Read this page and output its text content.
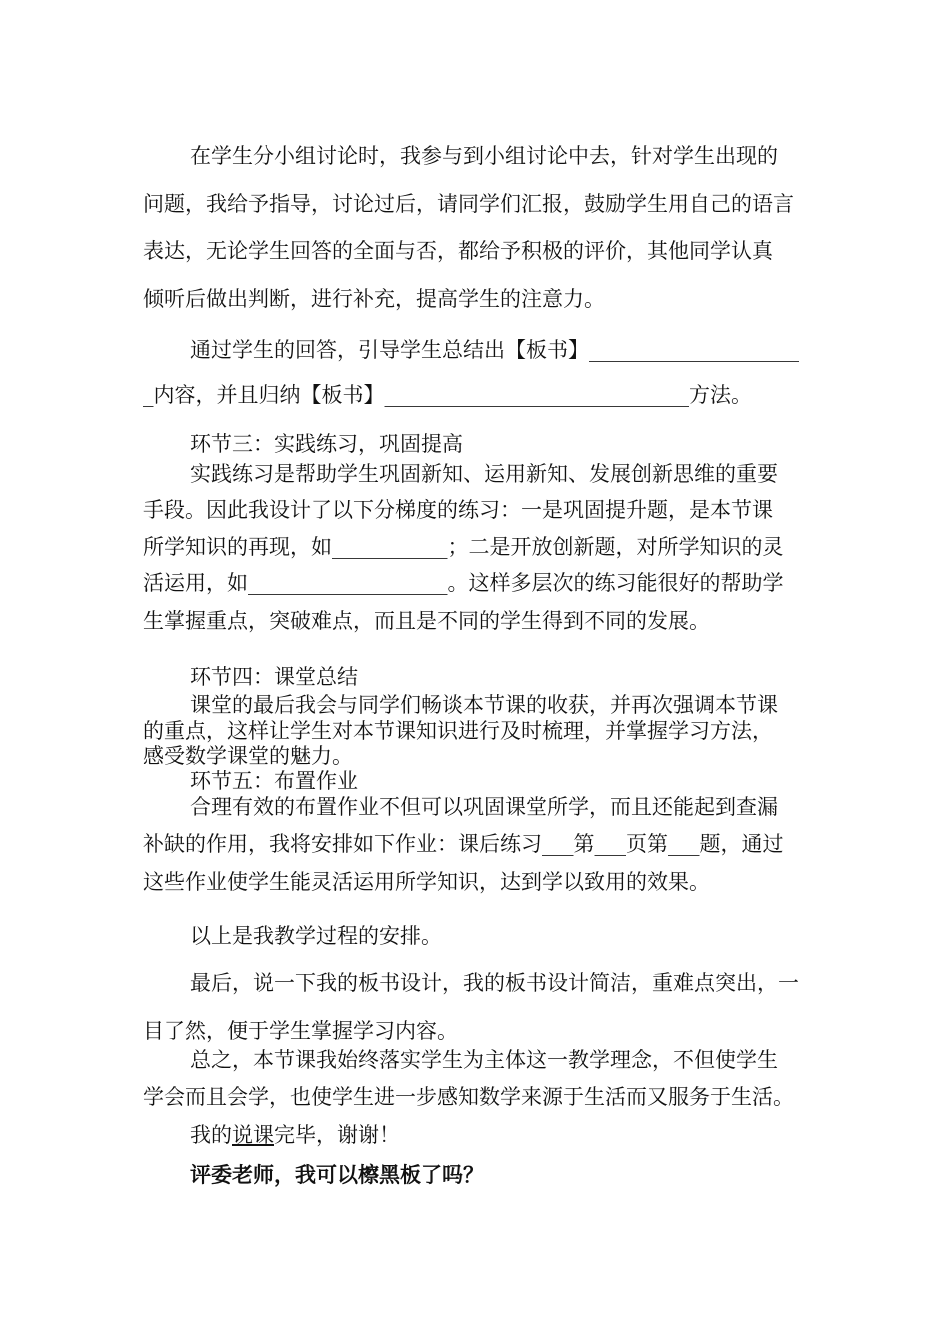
在学生分小组讨论时，我参与到小组讨论中去，针对学生出现的
问题，我给予指导，讨论过后，请同学们汇报，鼓励学生用自己的语言
表达，无论学生回答的全面与否，都给予积极的评价，其他同学认真
倾听后做出判断，进行补充，提高学生的注意力。
通过学生的回答，引导学生总结出【板书】____________________
_内容，并且归纳【板书】_____________________________方法。
环节三：实践练习，巩固提高
实践练习是帮助学生巩固新知、运用新知、发展创新思维的重要
手段。因此我设计了以下分梯度的练习：一是巩固提升题，是本节课
所学知识的再现，如___________；二是开放创新题，对所学知识的灵
活运用，如___________________。这样多层次的练习能很好的帮助学
生掌握重点，突破难点，而且是不同的学生得到不同的发展。
环节四：课堂总结
课堂的最后我会与同学们畅谈本节课的收获，并再次强调本节课
的重点，这样让学生对本节课知识进行及时梳理，并掌握学习方法，
感受数学课堂的魅力。
环节五：布置作业
合理有效的布置作业不但可以巩固课堂所学，而且还能起到查漏
补缺的作用，我将安排如下作业：课后练习___第___页第___题，通过
这些作业使学生能灵活运用所学知识，达到学以致用的效果。
以上是我教学过程的安排。
最后，说一下我的板书设计，我的板书设计简洁，重难点突出，一
目了然，便于学生掌握学习内容。
总之，本节课我始终落实学生为主体这一教学理念，不但使学生
学会而且会学，也使学生进一步感知数学来源于生活而又服务于生活。
我的说课完毕，谢谢！
评委老师，我可以檫黑板了吗？
